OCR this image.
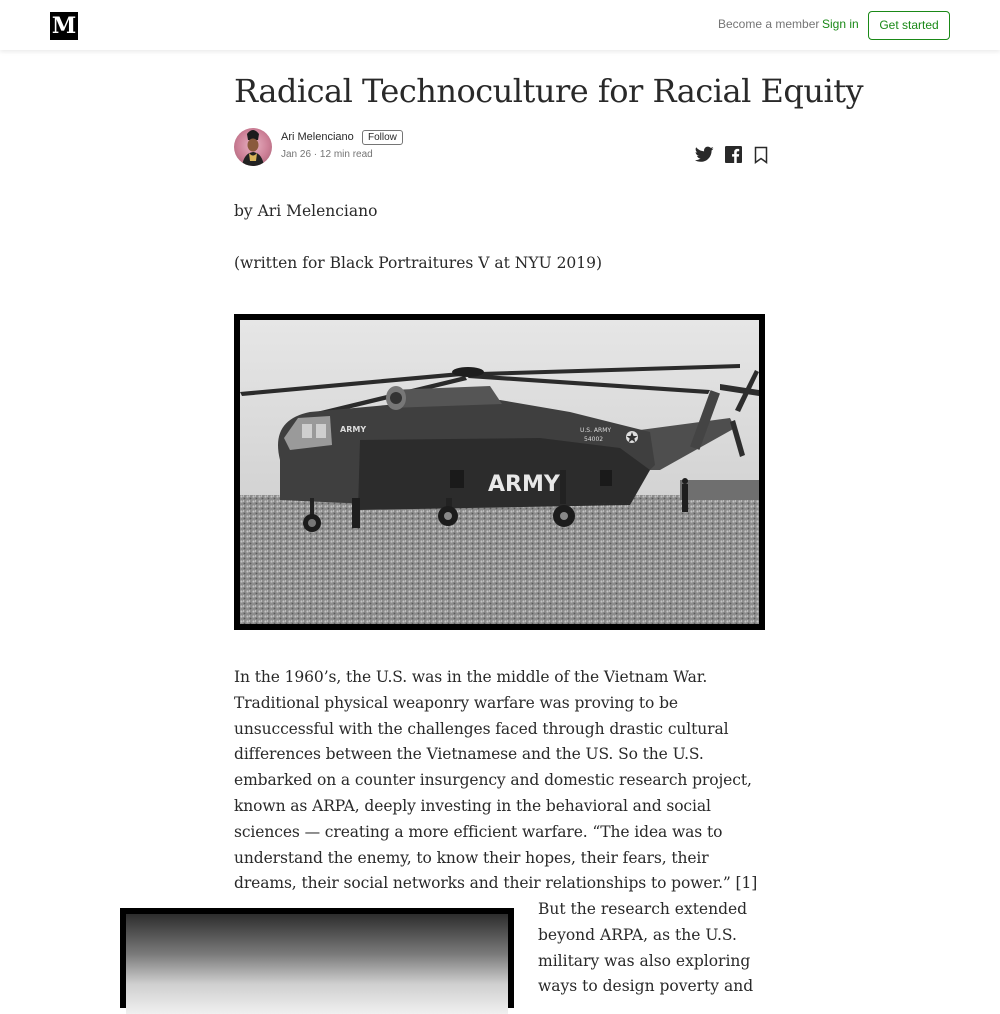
M	Become a member Sign in	Get started
Radical Technoculture for Racial Equity
Ari Melenciano	Follow
Jan 26 · 12 min read

by Ari Melenciano

(written for Black Portraitures V at NYU 2019)

ARMY
ARMY	U.S. ARMY
54002

In the 1960’s, the U.S. was in the middle of the Vietnam War. Traditional physical weaponry warfare was proving to be unsuccessful with the challenges faced through drastic cultural differences between the Vietnamese and the US. So the U.S. embarked on a counter insurgency and domestic research project, known as ARPA, deeply investing in the behavioral and social sciences — creating a more efficient warfare. “The idea was to understand the enemy, to know their hopes, their fears, their dreams, their social networks and their relationships to power.” [1]

But the research extended beyond ARPA, as the U.S. military was also exploring ways to design poverty and
